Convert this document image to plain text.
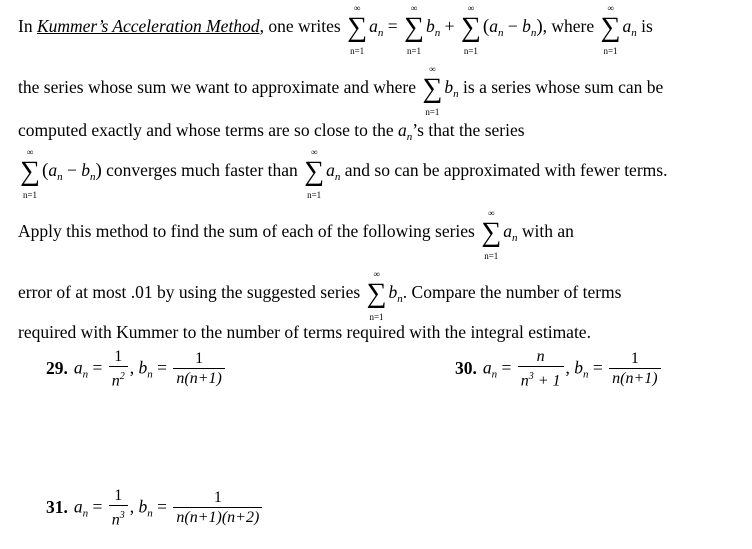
In Kummer’s Acceleration Method, one writes
∞
∑
n=1
$a_n$ =
∞
∑
n=1
$b_n$ +
∞
∑
n=1
$(a_n - b_n)$, where
∞
∑
n=1
$a_n$ is
the series whose sum we want to approximate and where
∞
∑
n=1
$b_n$ is a series whose sum can be
computed exactly and whose terms are so close to the $a_n’s$ that the series
∞
∑
n=1
$(a_n - b_n)$ converges much faster than
∞
∑
n=1
$a_n$ and so can be approximated with fewer terms.
Apply this method to find the sum of each of the following series
∞
∑
n=1
$a_n$ with an
error of at most .01 by using the suggested series
∞
∑
n=1
$b_n$. Compare the number of terms
required with Kummer to the number of terms required with the integral estimate.
29. $a_n = \frac{1}{n^2}$ , $b_n = \frac{1}{n(n+1)}$	30. $a_n = \frac{n}{n^3 + 1}$ , $b_n = \frac{1}{n(n+1)}$
31. $a_n = \frac{1}{n^3}$ , $b_n = \frac{1}{n(n+1)(n+2)}$
